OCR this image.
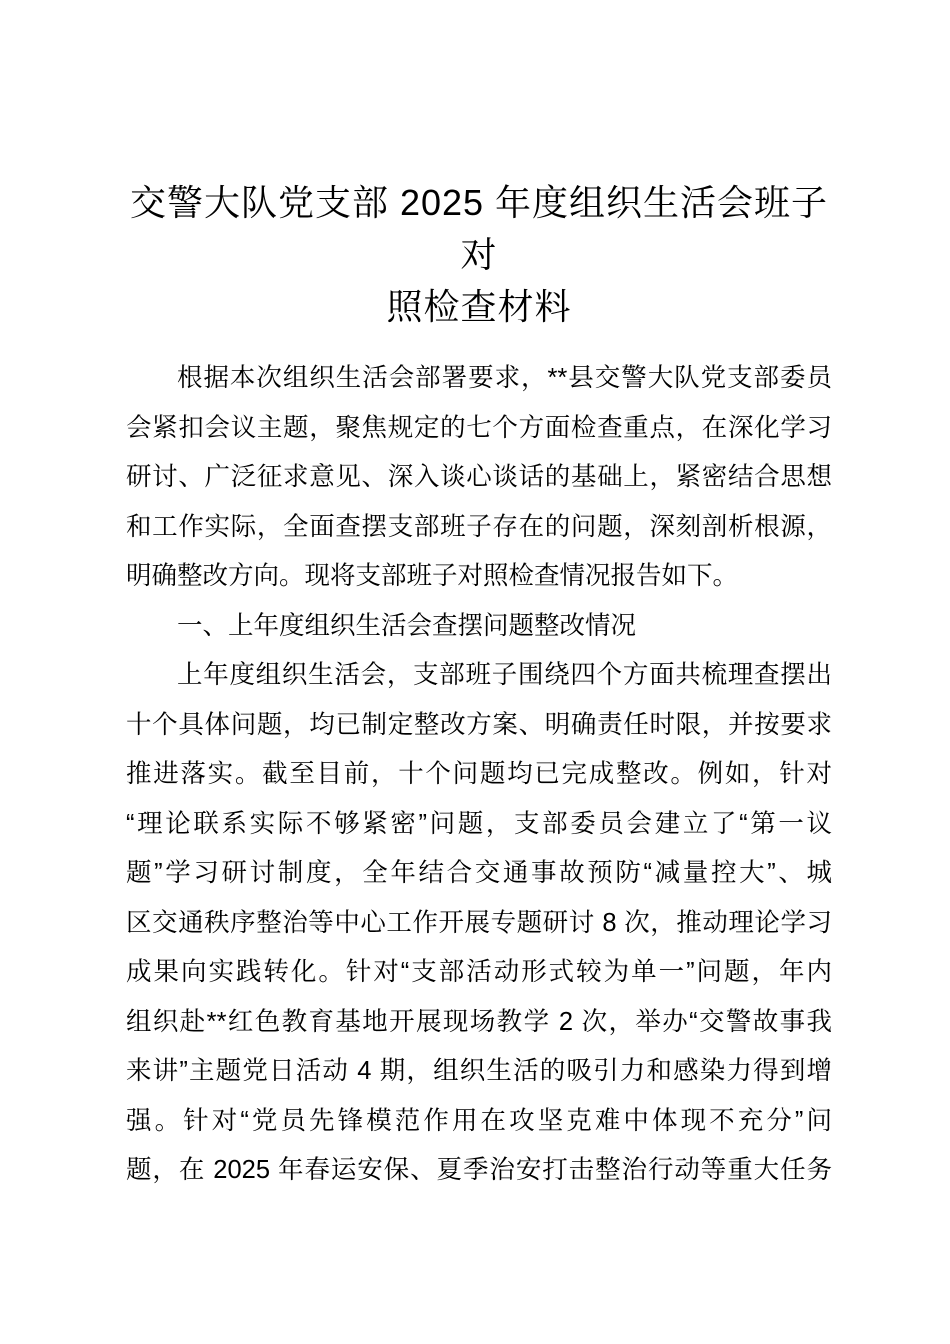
交警大队党支部 2025 年度组织生活会班子对
照检查材料
根据本次组织生活会部署要求，**县交警大队党支部委员
会紧扣会议主题，聚焦规定的七个方面检查重点，在深化学习
研讨、广泛征求意见、深入谈心谈话的基础上，紧密结合思想
和工作实际，全面查摆支部班子存在的问题，深刻剖析根源，
明确整改方向。现将支部班子对照检查情况报告如下。
一、上年度组织生活会查摆问题整改情况
上年度组织生活会，支部班子围绕四个方面共梳理查摆出
十个具体问题，均已制定整改方案、明确责任时限，并按要求
推进落实。截至目前，十个问题均已完成整改。例如，针对
“理论联系实际不够紧密”问题，支部委员会建立了“第一议
题”学习研讨制度，全年结合交通事故预防“减量控大”、城
区交通秩序整治等中心工作开展专题研讨 8 次，推动理论学习
成果向实践转化。针对“支部活动形式较为单一”问题，年内
组织赴**红色教育基地开展现场教学 2 次，举办“交警故事我
来讲”主题党日活动 4 期，组织生活的吸引力和感染力得到增
强。针对“党员先锋模范作用在攻坚克难中体现不充分”问
题，在 2025 年春运安保、夏季治安打击整治行动等重大任务
